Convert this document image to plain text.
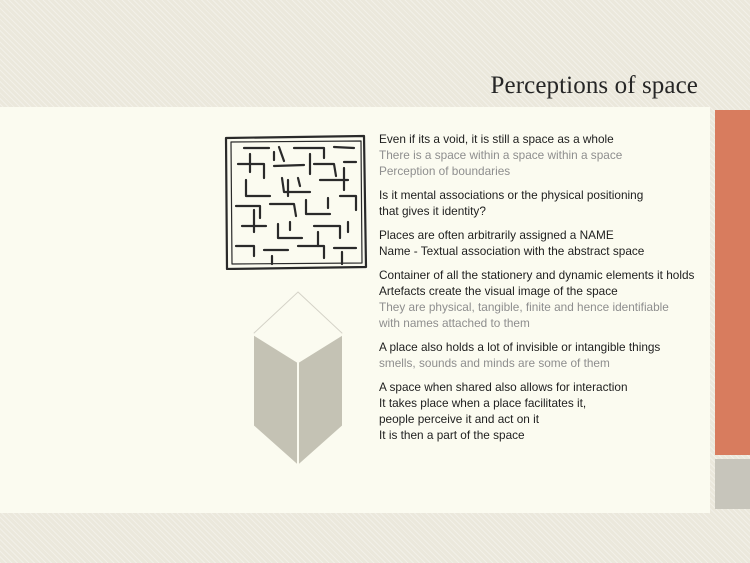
Perceptions of space

Even if its a void, it is still a space as a whole
There is a space within a space within a space
Perception of boundaries

Is it mental associations or the physical positioning
that gives it identity?

Places are often arbitrarily assigned a NAME
Name - Textual association with the abstract space

Container of all the stationery and dynamic elements it holds
Artefacts create the visual image of the space
They are physical, tangible, finite and hence identifiable
with names attached to them

A place also holds a lot of invisible or intangible things
smells, sounds and minds are some of them

A space when shared also allows for interaction
It takes place when a place facilitates it,
people perceive it and act on it
It is then a part of the space
